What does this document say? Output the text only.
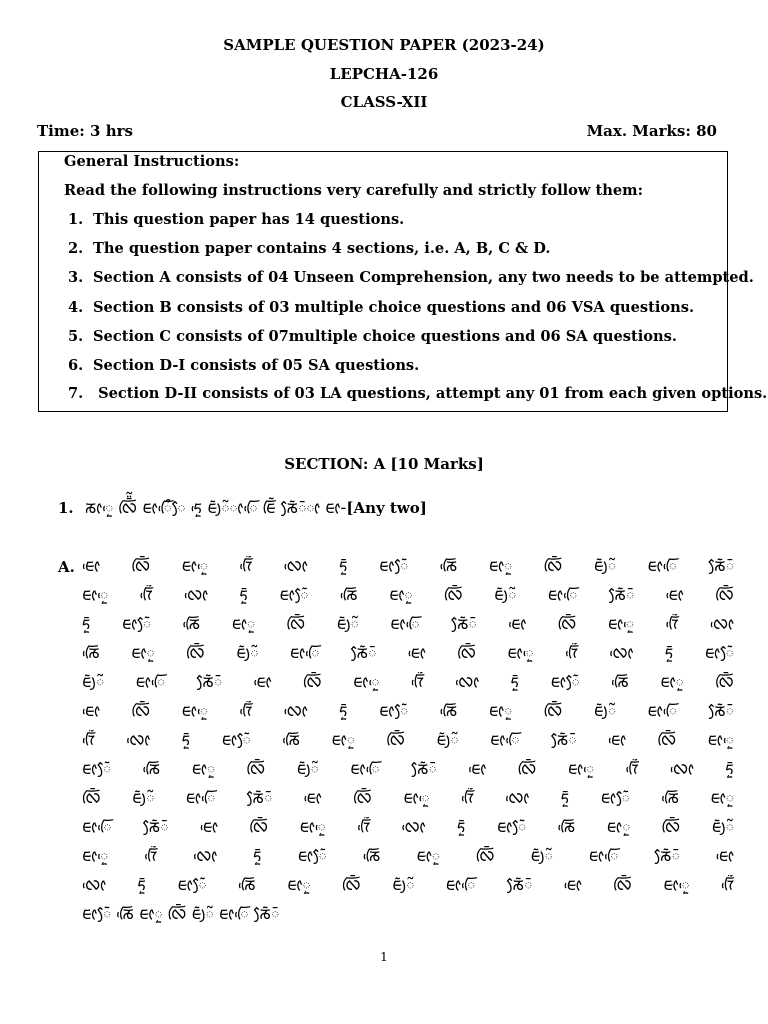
SAMPLE QUESTION PAPER (2023-24)
LEPCHA-126
CLASS-XII
Time: 3 hrs	Max. Marks: 80
General Instructions:
Read the following instructions very carefully and strictly follow them:
1. This question paper has 14 questions.
2. The question paper contains 4 sections, i.e. A, B, C & D.
3. Section A consists of 04 Unseen Comprehension, any two needs to be attempted.
4. Section B consists of 03 multiple choice questions and 06 VSA questions.
5. Section C consists of 07multiple choice questions and 06 SA questions.
6. Section D-I consists of 05 SA questions.
7. Section D-II consists of 03 LA questions, attempt any 01 from each given options.
SECTION: A [10 Marks]
1. ᰕᰦᰬᰵ ᰜᰩᰳᰮᰲ ᰀᰦᰩᰵᰰᰧ ᰁᰬᰵ ᰀᰪᰶᰲᰦᰩᰵ ᰀᰩᰶ ᰕᰧᰶᰳᰦ ᰀᰦ-[Any two]
A. ᰀᰦᰵ ᰜᰩᰳ ᰀᰦᰬᰵ ᰅᰩᰵᰰ ᰜᰦᰵ ᰁᰬᰳ ᰀᰦᰧᰶ ᰕᰩᰵ ᰀᰦᰬ ᰜᰩᰳ ᰀᰪᰶᰲ ᰀᰦᰩᰵ ᰕᰧᰶᰳ
ᰀᰦᰬᰵ ᰅᰩᰵᰰ ᰜᰦᰵ ᰁᰬᰳ ᰀᰦᰧᰶ ᰕᰩᰵ ᰀᰦᰬ ᰜᰩᰳ ᰀᰪᰶᰲ ᰀᰦᰩᰵ ᰕᰧᰶᰳ ᰀᰦᰵ ᰜᰩᰳ
ᰁᰬᰳ ᰀᰦᰧᰶ ᰕᰩᰵ ᰀᰦᰬ ᰜᰩᰳ ᰀᰪᰶᰲ ᰀᰦᰩᰵ ᰕᰧᰶᰳ ᰀᰦᰵ ᰜᰩᰳ ᰀᰦᰬᰵ ᰅᰩᰵᰰ ᰜᰦᰵ
ᰕᰩᰵ ᰀᰦᰬ ᰜᰩᰳ ᰀᰪᰶᰲ ᰀᰦᰩᰵ ᰕᰧᰶᰳ ᰀᰦᰵ ᰜᰩᰳ ᰀᰦᰬᰵ ᰅᰩᰵᰰ ᰜᰦᰵ ᰁᰬᰳ ᰀᰦᰧᰶ
ᰀᰪᰶᰲ ᰀᰦᰩᰵ ᰕᰧᰶᰳ ᰀᰦᰵ ᰜᰩᰳ ᰀᰦᰬᰵ ᰅᰩᰵᰰ ᰜᰦᰵ ᰁᰬᰳ ᰀᰦᰧᰶ ᰕᰩᰵ ᰀᰦᰬ ᰜᰩᰳ
ᰀᰦᰵ ᰜᰩᰳ ᰀᰦᰬᰵ ᰅᰩᰵᰰ ᰜᰦᰵ ᰁᰬᰳ ᰀᰦᰧᰶ ᰕᰩᰵ ᰀᰦᰬ ᰜᰩᰳ ᰀᰪᰶᰲ ᰀᰦᰩᰵ ᰕᰧᰶᰳ
ᰅᰩᰵᰰ ᰜᰦᰵ ᰁᰬᰳ ᰀᰦᰧᰶ ᰕᰩᰵ ᰀᰦᰬ ᰜᰩᰳ ᰀᰪᰶᰲ ᰀᰦᰩᰵ ᰕᰧᰶᰳ ᰀᰦᰵ ᰜᰩᰳ ᰀᰦᰬᰵ
ᰀᰦᰧᰶ ᰕᰩᰵ ᰀᰦᰬ ᰜᰩᰳ ᰀᰪᰶᰲ ᰀᰦᰩᰵ ᰕᰧᰶᰳ ᰀᰦᰵ ᰜᰩᰳ ᰀᰦᰬᰵ ᰅᰩᰵᰰ ᰜᰦᰵ ᰁᰬᰳ
ᰜᰩᰳ ᰀᰪᰶᰲ ᰀᰦᰩᰵ ᰕᰧᰶᰳ ᰀᰦᰵ ᰜᰩᰳ ᰀᰦᰬᰵ ᰅᰩᰵᰰ ᰜᰦᰵ ᰁᰬᰳ ᰀᰦᰧᰶ ᰕᰩᰵ ᰀᰦᰬ
ᰀᰦᰩᰵ ᰕᰧᰶᰳ ᰀᰦᰵ ᰜᰩᰳ ᰀᰦᰬᰵ ᰅᰩᰵᰰ ᰜᰦᰵ ᰁᰬᰳ ᰀᰦᰧᰶ ᰕᰩᰵ ᰀᰦᰬ ᰜᰩᰳ ᰀᰪᰶᰲ
ᰀᰦᰬᰵ ᰅᰩᰵᰰ ᰜᰦᰵ ᰁᰬᰳ ᰀᰦᰧᰶ ᰕᰩᰵ ᰀᰦᰬ ᰜᰩᰳ ᰀᰪᰶᰲ ᰀᰦᰩᰵ ᰕᰧᰶᰳ ᰀᰦᰵ
ᰜᰦᰵ ᰁᰬᰳ ᰀᰦᰧᰶ ᰕᰩᰵ ᰀᰦᰬ ᰜᰩᰳ ᰀᰪᰶᰲ ᰀᰦᰩᰵ ᰕᰧᰶᰳ ᰀᰦᰵ ᰜᰩᰳ ᰀᰦᰬᰵ ᰅᰩᰵᰰ
ᰀᰦᰧᰶ ᰕᰩᰵ ᰀᰦᰬ ᰜᰩᰳ ᰀᰪᰶᰲ ᰀᰦᰩᰵ ᰕᰧᰶᰳ
1
